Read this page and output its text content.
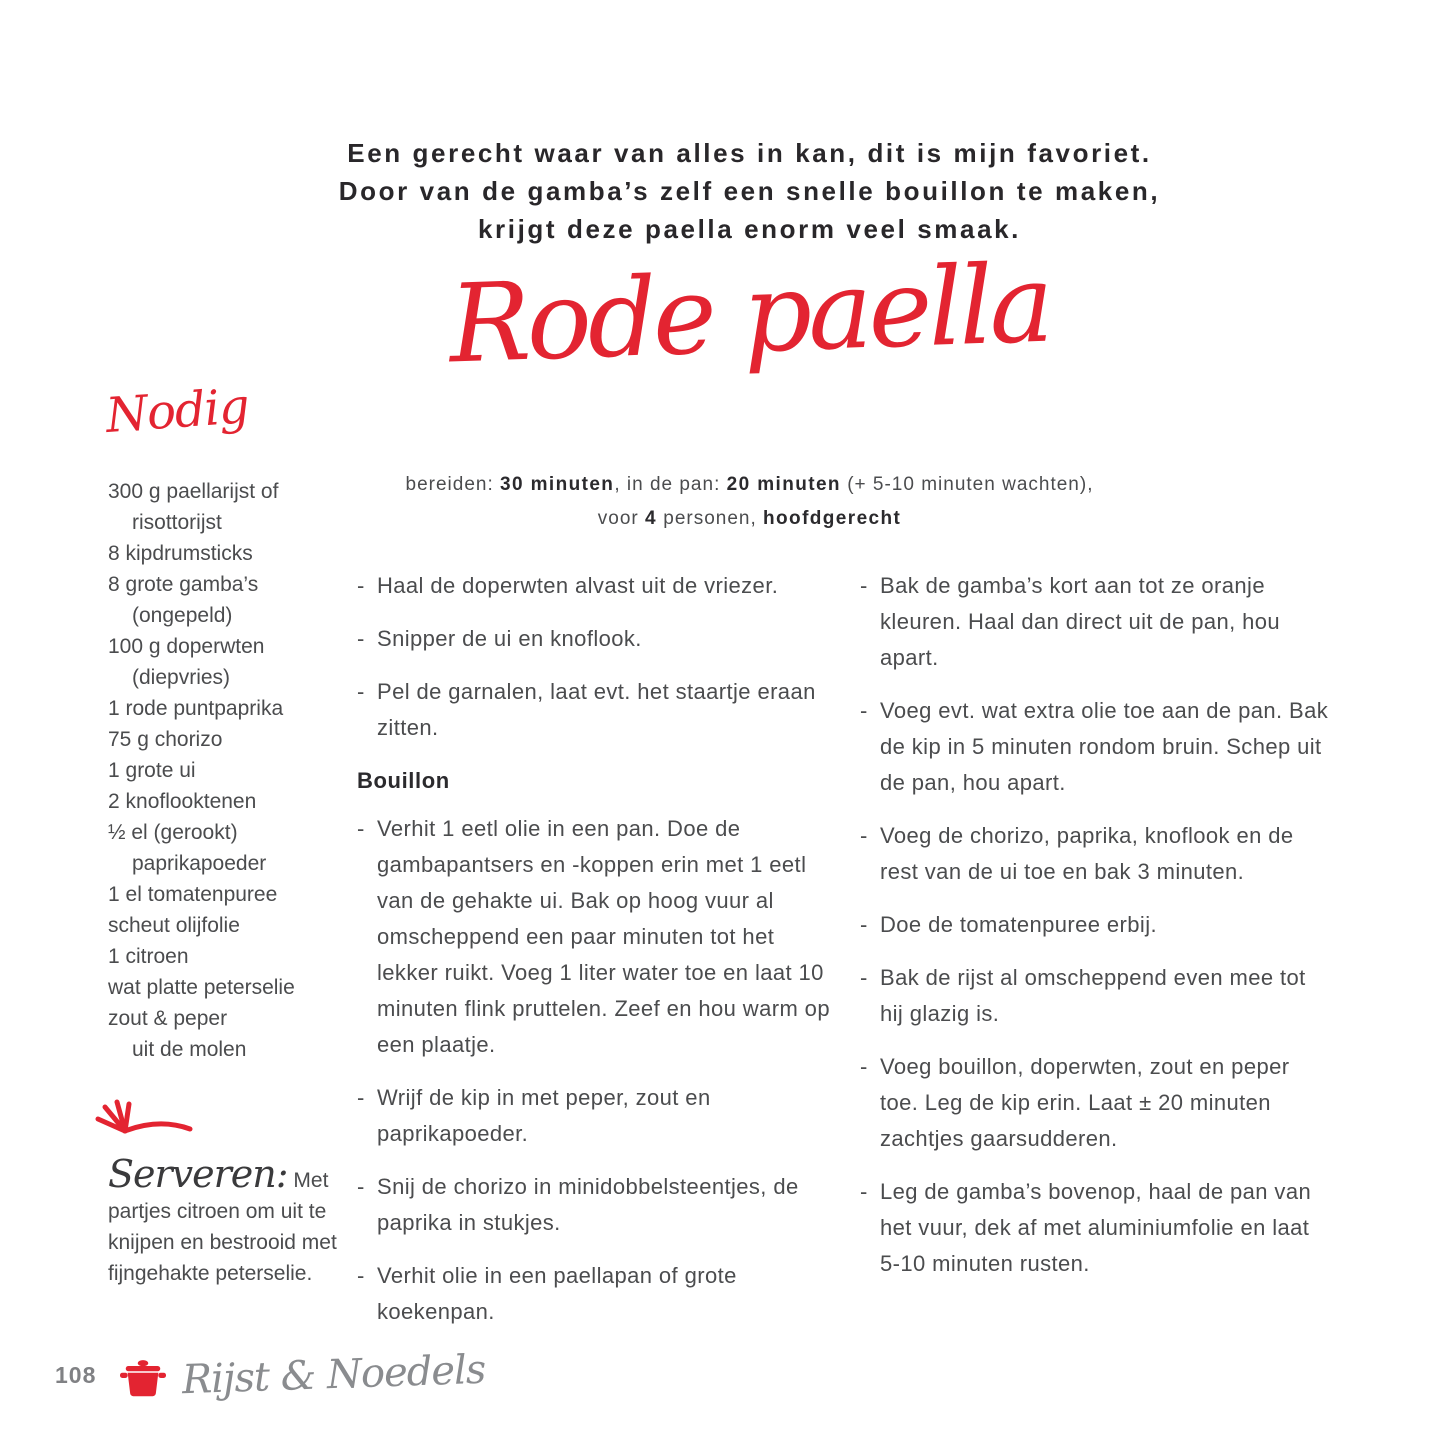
Een gerecht waar van alles in kan, dit is mijn favoriet.
Door van de gamba’s zelf een snelle bouillon te maken,
krijgt deze paella enorm veel smaak.
Rode paella
bereiden: 30 minuten, in de pan: 20 minuten (+ 5-10 minuten wachten),
voor 4 personen, hoofdgerecht
Nodig
300 g paellarijst of
risottorijst
8 kipdrumsticks
8 grote gamba’s
(ongepeld)
100 g doperwten
(diepvries)
1 rode puntpaprika
75 g chorizo
1 grote ui
2 knoflooktenen
½ el (gerookt)
paprikapoeder
1 el tomatenpuree
scheut olijfolie
1 citroen
wat platte peterselie
zout & peper
uit de molen

Serveren: Met partjes citroen om uit te knijpen en bestrooid met fijngehakte peterselie.

- Haal de doperwten alvast uit de vriezer.

- Snipper de ui en knoflook.

- Pel de garnalen, laat evt. het staartje eraan zitten.

Bouillon

- Verhit 1 eetl olie in een pan. Doe de gambapantsers en -koppen erin met 1 eetl van de gehakte ui. Bak op hoog vuur al omscheppend een paar minuten tot het lekker ruikt. Voeg 1 liter water toe en laat 10 minuten flink pruttelen. Zeef en hou warm op een plaatje.

- Wrijf de kip in met peper, zout en paprikapoeder.

- Snij de chorizo in minidobbelsteentjes, de paprika in stukjes.

- Verhit olie in een paellapan of grote koekenpan.

- Bak de gamba’s kort aan tot ze oranje kleuren. Haal dan direct uit de pan, hou apart.

- Voeg evt. wat extra olie toe aan de pan. Bak de kip in 5 minuten rondom bruin. Schep uit de pan, hou apart.

- Voeg de chorizo, paprika, knoflook en de rest van de ui toe en bak 3 minuten.

- Doe de tomatenpuree erbij.

- Bak de rijst al omscheppend even mee tot hij glazig is.

- Voeg bouillon, doperwten, zout en peper toe. Leg de kip erin. Laat ± 20 minuten zachtjes gaarsudderen.

- Leg de gamba’s bovenop, haal de pan van het vuur, dek af met aluminiumfolie en laat 5-10 minuten rusten.

108 Rijst & Noedels
